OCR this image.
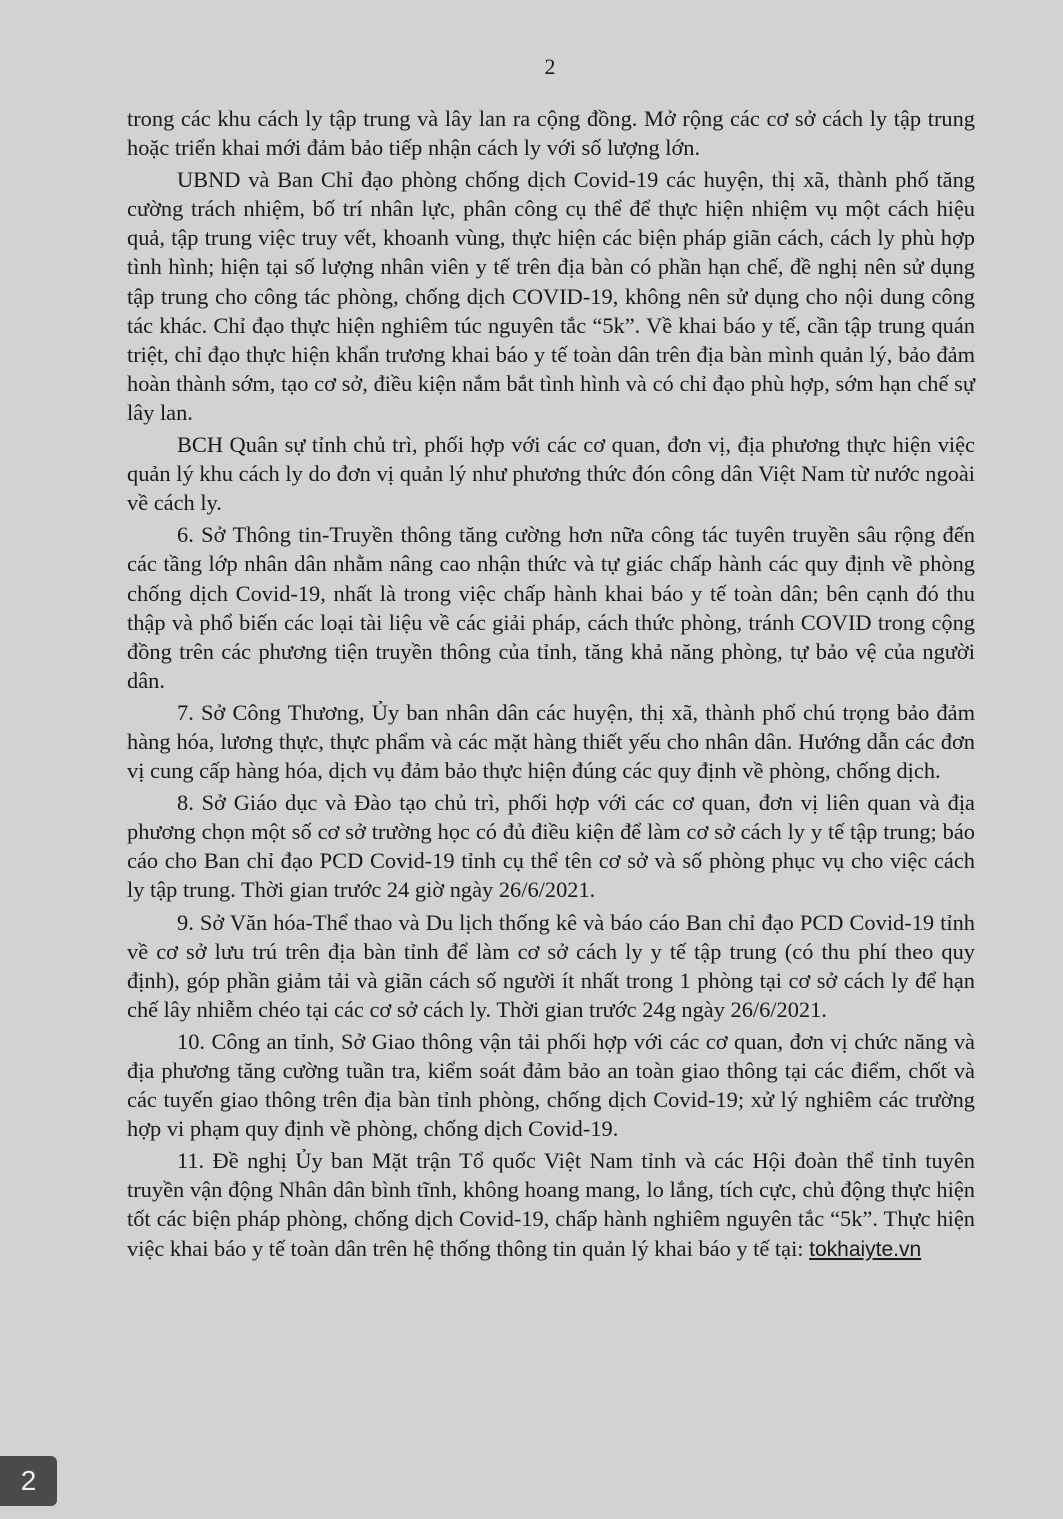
2

trong các khu cách ly tập trung và lây lan ra cộng đồng. Mở rộng các cơ sở cách ly tập trung hoặc triển khai mới đảm bảo tiếp nhận cách ly với số lượng lớn.

UBND và Ban Chỉ đạo phòng chống dịch Covid-19 các huyện, thị xã, thành phố tăng cường trách nhiệm, bố trí nhân lực, phân công cụ thể để thực hiện nhiệm vụ một cách hiệu quả, tập trung việc truy vết, khoanh vùng, thực hiện các biện pháp giãn cách, cách ly phù hợp tình hình; hiện tại số lượng nhân viên y tế trên địa bàn có phần hạn chế, đề nghị nên sử dụng tập trung cho công tác phòng, chống dịch COVID-19, không nên sử dụng cho nội dung công tác khác. Chỉ đạo thực hiện nghiêm túc nguyên tắc “5k”. Về khai báo y tế, cần tập trung quán triệt, chỉ đạo thực hiện khẩn trương khai báo y tế toàn dân trên địa bàn mình quản lý, bảo đảm hoàn thành sớm, tạo cơ sở, điều kiện nắm bắt tình hình và có chỉ đạo phù hợp, sớm hạn chế sự lây lan.

BCH Quân sự tỉnh chủ trì, phối hợp với các cơ quan, đơn vị, địa phương thực hiện việc quản lý khu cách ly do đơn vị quản lý như phương thức đón công dân Việt Nam từ nước ngoài về cách ly.

6. Sở Thông tin-Truyền thông tăng cường hơn nữa công tác tuyên truyền sâu rộng đến các tầng lớp nhân dân nhằm nâng cao nhận thức và tự giác chấp hành các quy định về phòng chống dịch Covid-19, nhất là trong việc chấp hành khai báo y tế toàn dân; bên cạnh đó thu thập và phổ biến các loại tài liệu về các giải pháp, cách thức phòng, tránh COVID trong cộng đồng trên các phương tiện truyền thông của tỉnh, tăng khả năng phòng, tự bảo vệ của người dân.

7. Sở Công Thương, Ủy ban nhân dân các huyện, thị xã, thành phố chú trọng bảo đảm hàng hóa, lương thực, thực phẩm và các mặt hàng thiết yếu cho nhân dân. Hướng dẫn các đơn vị cung cấp hàng hóa, dịch vụ đảm bảo thực hiện đúng các quy định về phòng, chống dịch.

8. Sở Giáo dục và Đào tạo chủ trì, phối hợp với các cơ quan, đơn vị liên quan và địa phương chọn một số cơ sở trường học có đủ điều kiện để làm cơ sở cách ly y tế tập trung; báo cáo cho Ban chỉ đạo PCD Covid-19 tỉnh cụ thể tên cơ sở và số phòng phục vụ cho việc cách ly tập trung. Thời gian trước 24 giờ ngày 26/6/2021.

9. Sở Văn hóa-Thể thao và Du lịch thống kê và báo cáo Ban chỉ đạo PCD Covid-19 tỉnh về cơ sở lưu trú trên địa bàn tỉnh để làm cơ sở cách ly y tế tập trung (có thu phí theo quy định), góp phần giảm tải và giãn cách số người ít nhất trong 1 phòng tại cơ sở cách ly để hạn chế lây nhiễm chéo tại các cơ sở cách ly. Thời gian trước 24g ngày 26/6/2021.

10. Công an tỉnh, Sở Giao thông vận tải phối hợp với các cơ quan, đơn vị chức năng và địa phương tăng cường tuần tra, kiểm soát đảm bảo an toàn giao thông tại các điểm, chốt và các tuyến giao thông trên địa bàn tỉnh phòng, chống dịch Covid-19; xử lý nghiêm các trường hợp vi phạm quy định về phòng, chống dịch Covid-19.

11. Đề nghị Ủy ban Mặt trận Tổ quốc Việt Nam tỉnh và các Hội đoàn thể tỉnh tuyên truyền vận động Nhân dân bình tĩnh, không hoang mang, lo lắng, tích cực, chủ động thực hiện tốt các biện pháp phòng, chống dịch Covid-19, chấp hành nghiêm nguyên tắc “5k”. Thực hiện việc khai báo y tế toàn dân trên hệ thống thông tin quản lý khai báo y tế tại: tokhaiyte.vn

2
